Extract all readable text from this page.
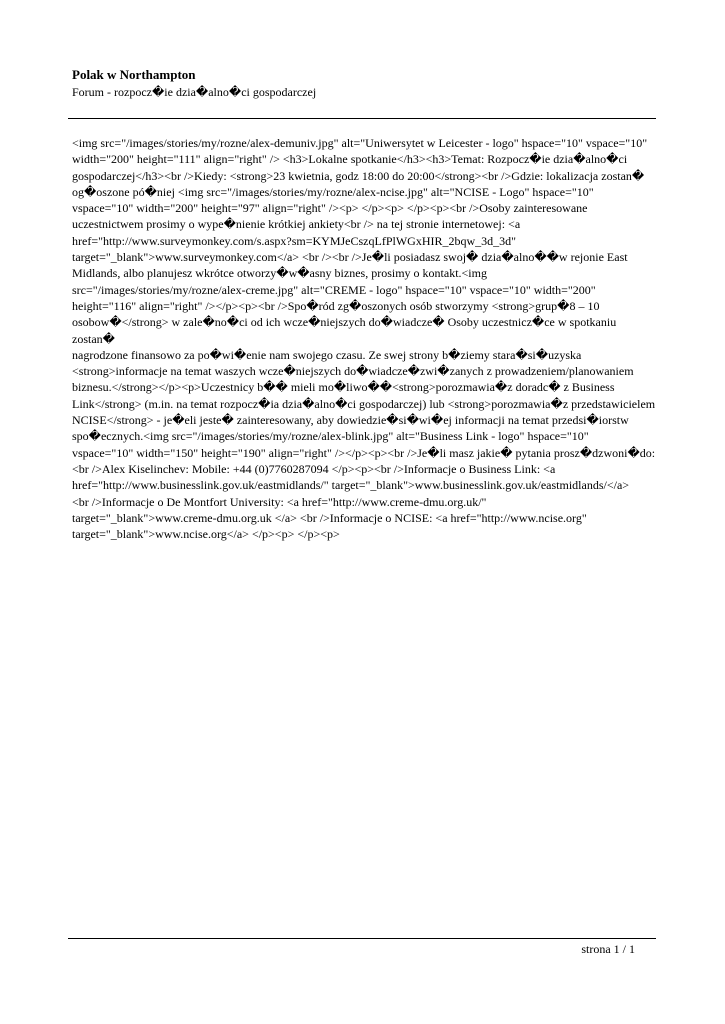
Polak w Northampton

Forum - rozpocz�ie dzia�alno�ci gospodarczej

<img src="/images/stories/my/rozne/alex-demuniv.jpg" alt="Uniwersytet w Leicester - logo" hspace="10" vspace="10"
width="200" height="111" align="right" /> <h3>Lokalne spotkanie</h3><h3>Temat: Rozpocz�ie dzia�alno�ci
gospodarczej</h3><br />Kiedy: <strong>23 kwietnia, godz 18:00 do 20:00</strong><br />Gdzie: lokalizacja zostan�
og�oszone pó�niej <img src="/images/stories/my/rozne/alex-ncise.jpg" alt="NCISE - Logo" hspace="10"
vspace="10" width="200" height="97" align="right" /><p> </p><p> </p><p><br />Osoby zainteresowane
uczestnictwem prosimy o wype�nienie krótkiej ankiety<br /> na tej stronie internetowej: <a
href="http://www.surveymonkey.com/s.aspx?sm=KYMJeCszqLfPlWGxHIR_2bqw_3d_3d"
target="_blank">www.surveymonkey.com</a> <br /><br />Je�li posiadasz swoj� dzia�alno��w rejonie East
Midlands, albo planujesz wkrótce otworzy�w�asny biznes, prosimy o kontakt.<img
src="/images/stories/my/rozne/alex-creme.jpg" alt="CREME - logo" hspace="10" vspace="10" width="200"
height="116" align="right" /></p><p><br />Spo�ród zg�oszonych osób stworzymy <strong>grup�8 – 10
osobow�</strong> w zale�no�ci od ich wcze�niejszych do�wiadcze� Osoby uczestnicz�ce w spotkaniu zostan�
nagrodzone finansowo za po�wi�enie nam swojego czasu. Ze swej strony b�ziemy stara�si�uzyska
<strong>informacje na temat waszych wcze�niejszych do�wiadcze�zwi�zanych z prowadzeniem/planowaniem
biznesu.</strong></p><p>Uczestnicy b�� mieli mo�liwo��<strong>porozmawia�z doradc� z Business
Link</strong> (m.in. na temat rozpocz�ia dzia�alno�ci gospodarczej) lub <strong>porozmawia�z przedstawicielem
NCISE</strong> - je�eli jeste� zainteresowany, aby dowiedzie�si�wi�ej informacji na temat przedsi�iorstw
spo�ecznych.<img src="/images/stories/my/rozne/alex-blink.jpg" alt="Business Link - logo" hspace="10"
vspace="10" width="150" height="190" align="right" /></p><p><br />Je�li masz jakie� pytania prosz�dzwoni�do:
<br />Alex Kiselinchev: Mobile: +44 (0)7760287094 </p><p><br />Informacje o Business Link: <a
href="http://www.businesslink.gov.uk/eastmidlands/" target="_blank">www.businesslink.gov.uk/eastmidlands/</a>
<br />Informacje o De Montfort University: <a href="http://www.creme-dmu.org.uk/"
target="_blank">www.creme-dmu.org.uk </a> <br />Informacje o NCISE: <a href="http://www.ncise.org"
target="_blank">www.ncise.org</a> </p><p> </p><p>

strona 1 / 1
